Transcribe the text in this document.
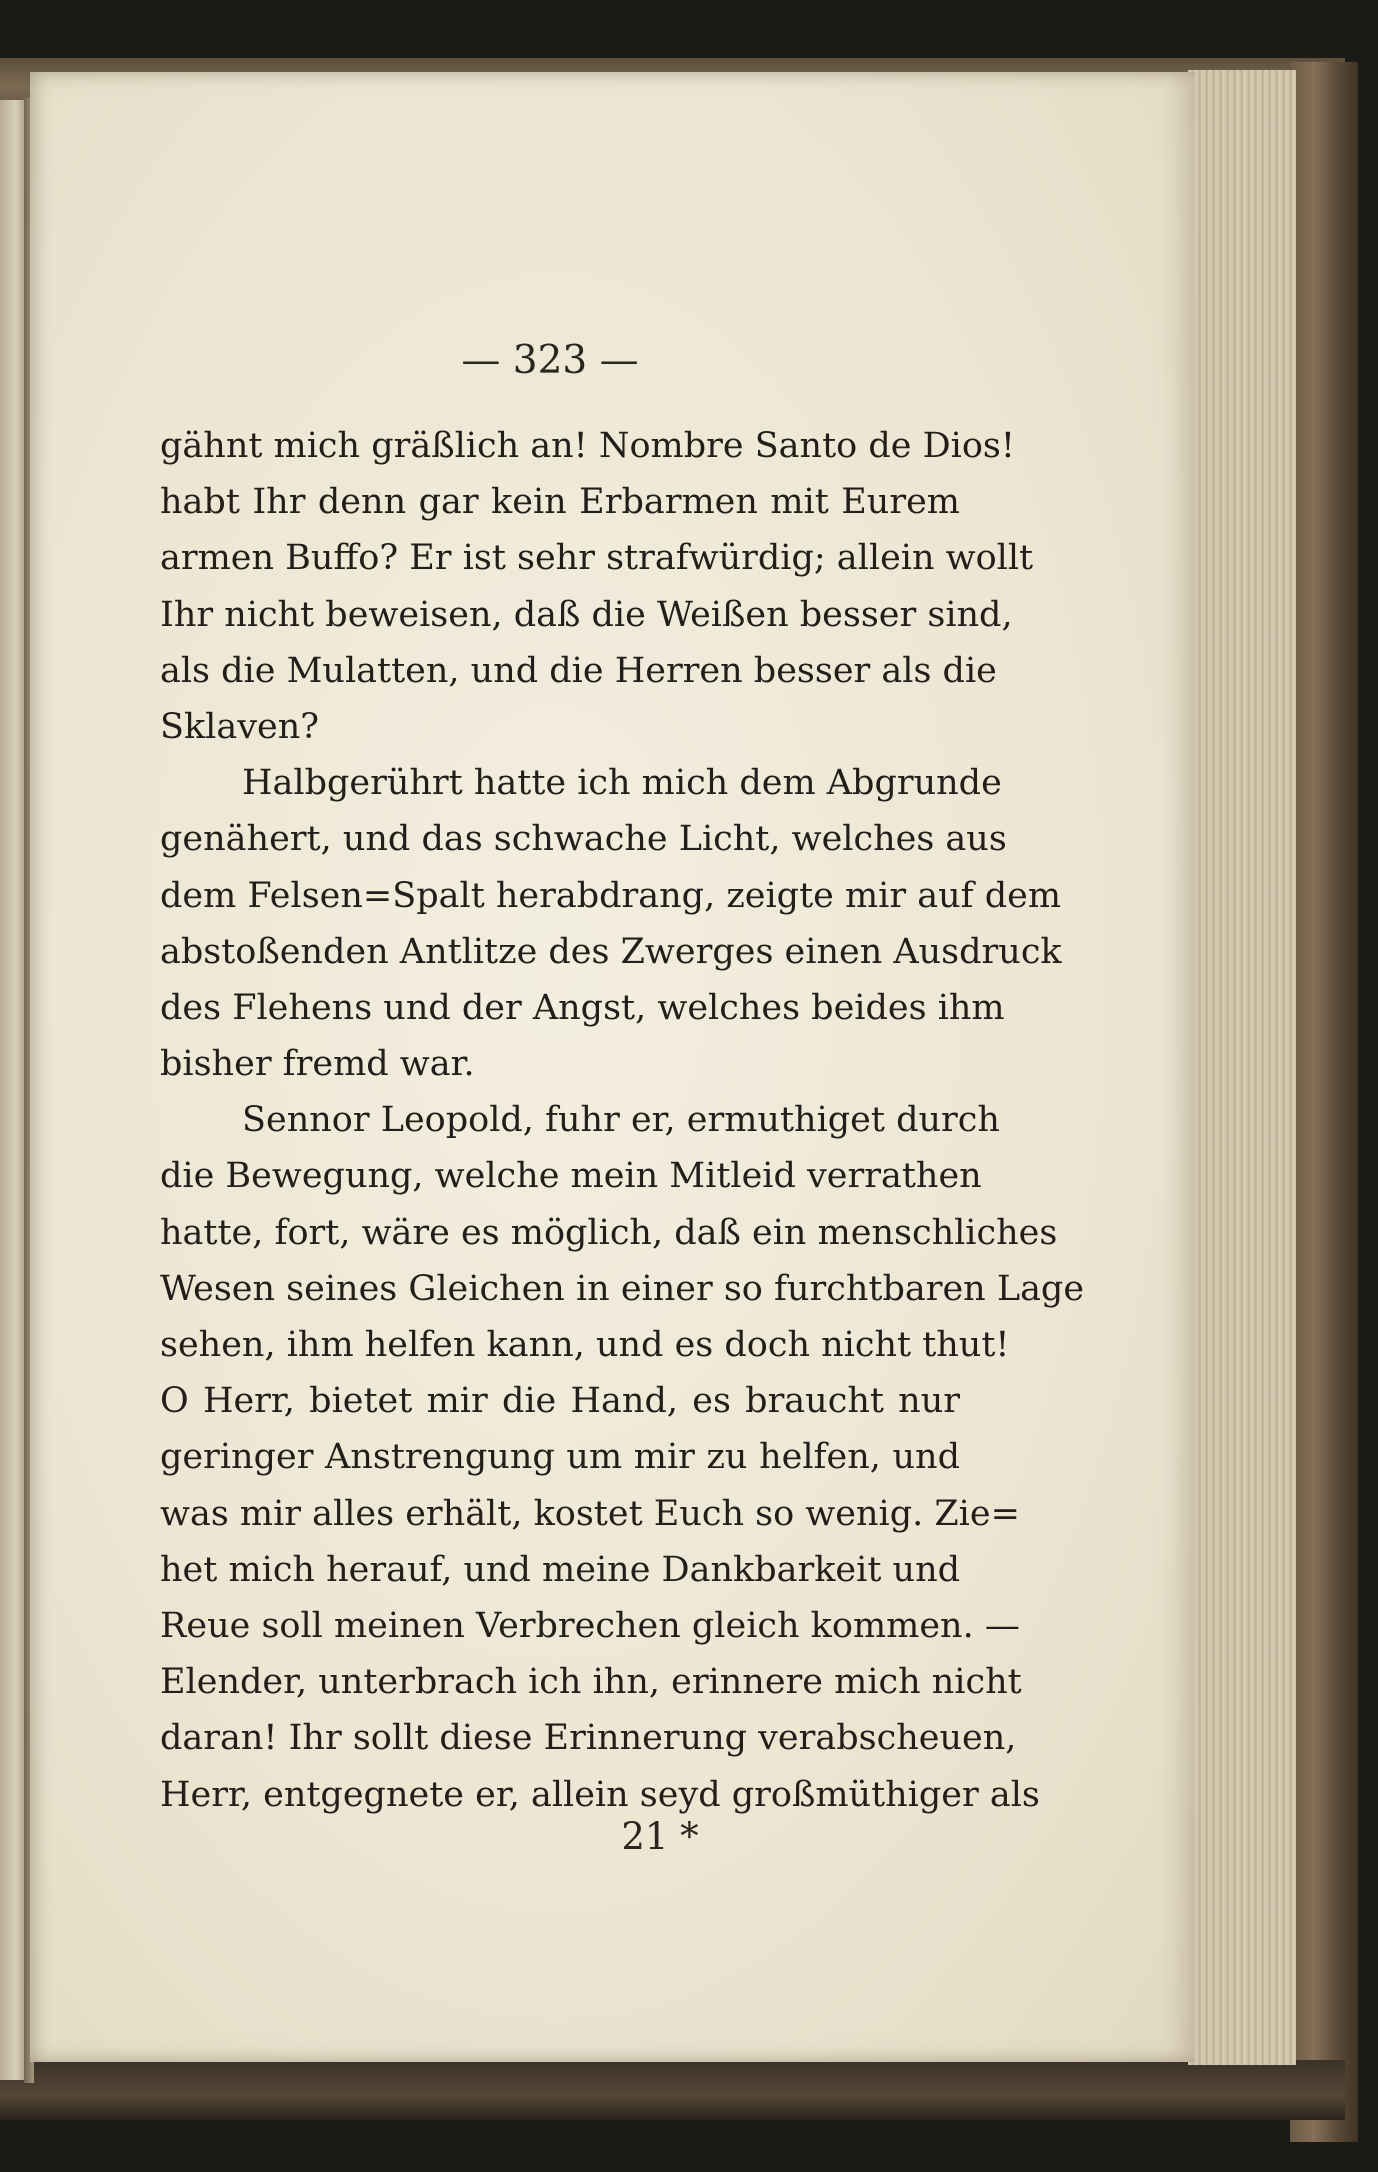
— 323 —
gähnt mich gräßlich an! Nombre Santo de Dios!
habt Ihr denn gar kein Erbarmen mit Eurem
armen Buffo? Er ist sehr strafwürdig; allein wollt
Ihr nicht beweisen, daß die Weißen besser sind,
als die Mulatten, und die Herren besser als die
Sklaven?
Halbgerührt hatte ich mich dem Abgrunde
genähert, und das schwache Licht, welches aus
dem Felsen=Spalt herabdrang, zeigte mir auf dem
abstoßenden Antlitze des Zwerges einen Ausdruck
des Flehens und der Angst, welches beides ihm
bisher fremd war.
Sennor Leopold, fuhr er, ermuthiget durch
die Bewegung, welche mein Mitleid verrathen
hatte, fort, wäre es möglich, daß ein menschliches
Wesen seines Gleichen in einer so furchtbaren Lage
sehen, ihm helfen kann, und es doch nicht thut!
O Herr, bietet mir die Hand, es braucht nur
geringer Anstrengung um mir zu helfen, und
was mir alles erhält, kostet Euch so wenig. Zie=
het mich herauf, und meine Dankbarkeit und
Reue soll meinen Verbrechen gleich kommen. —
Elender, unterbrach ich ihn, erinnere mich nicht
daran! Ihr sollt diese Erinnerung verabscheuen,
Herr, entgegnete er, allein seyd großmüthiger als
21 *
